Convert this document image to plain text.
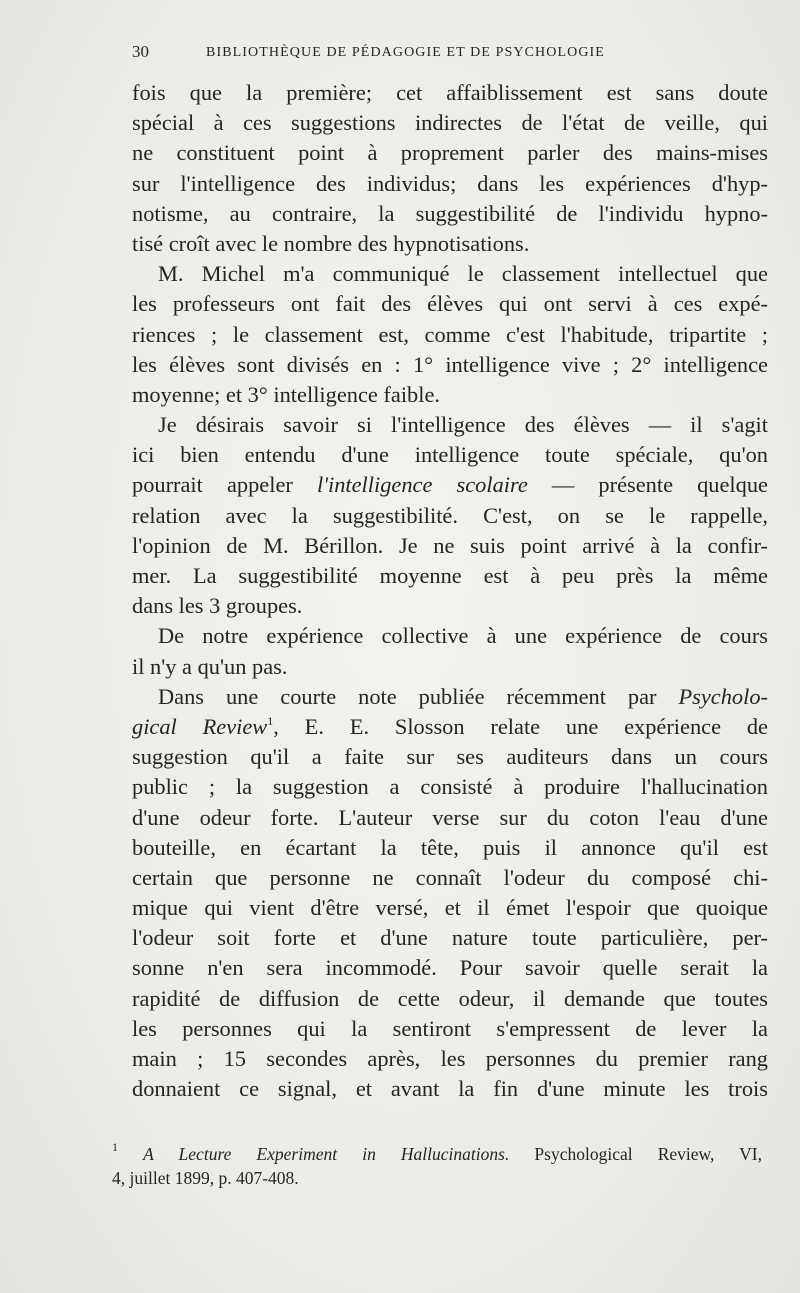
30	BIBLIOTHÈQUE DE PÉDAGOGIE ET DE PSYCHOLOGIE
fois que la première; cet affaiblissement est sans doute
spécial à ces suggestions indirectes de l'état de veille, qui
ne constituent point à proprement parler des mains-mises
sur l'intelligence des individus; dans les expériences d'hyp-
notisme, au contraire, la suggestibilité de l'individu hypno-
tisé croît avec le nombre des hypnotisations.
M. Michel m'a communiqué le classement intellectuel que
les professeurs ont fait des élèves qui ont servi à ces expé-
riences ; le classement est, comme c'est l'habitude, tripartite ;
les élèves sont divisés en : 1° intelligence vive ; 2° intelligence
moyenne; et 3° intelligence faible.
Je désirais savoir si l'intelligence des élèves — il s'agit
ici bien entendu d'une intelligence toute spéciale, qu'on
pourrait appeler l'intelligence scolaire — présente quelque
relation avec la suggestibilité. C'est, on se le rappelle,
l'opinion de M. Bérillon. Je ne suis point arrivé à la confir-
mer. La suggestibilité moyenne est à peu près la même
dans les 3 groupes.
De notre expérience collective à une expérience de cours
il n'y a qu'un pas.
Dans une courte note publiée récemment par Psycholo-
gical Review$^1$, E. E. Slosson relate une expérience de
suggestion qu'il a faite sur ses auditeurs dans un cours
public ; la suggestion a consisté à produire l'hallucination
d'une odeur forte. L'auteur verse sur du coton l'eau d'une
bouteille, en écartant la tête, puis il annonce qu'il est
certain que personne ne connaît l'odeur du composé chi-
mique qui vient d'être versé, et il émet l'espoir que quoique
l'odeur soit forte et d'une nature toute particulière, per-
sonne n'en sera incommodé. Pour savoir quelle serait la
rapidité de diffusion de cette odeur, il demande que toutes
les personnes qui la sentiront s'empressent de lever la
main ; 15 secondes après, les personnes du premier rang
donnaient ce signal, et avant la fin d'une minute les trois
$^1$ A Lecture Experiment in Hallucinations. Psychological Review, VI,
4, juillet 1899, p. 407-408.
